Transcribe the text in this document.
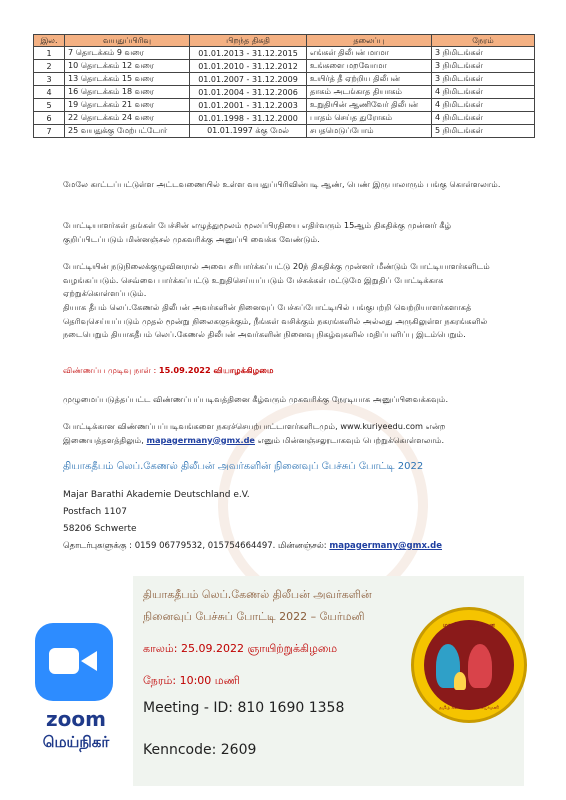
இல.	வயதுப்பிரிவு	பிறந்த திகதி	தலைப்பு	நேரம்
1	7 தொடக்கம் 9 வரை	01.01.2013 - 31.12.2015	எங்கள் திலீபன் மாமா	3 நிமிடங்கள்
2	10 தொடக்கம் 12 வரை	01.01.2010 - 31.12.2012	உங்களை மறவோமா	3 நிமிடங்கள்
3	13 தொடக்கம் 15 வரை	01.01.2007 - 31.12.2009	உயிர்த் தீ ஏற்றிய திலீபன்	3 நிமிடங்கள்
4	16 தொடக்கம் 18 வரை	01.01.2004 - 31.12.2006	தாகம் அடங்காத தியாகம்	4 நிமிடங்கள்
5	19 தொடக்கம் 21 வரை	01.01.2001 - 31.12.2003	உறுதியின் ஆணிவேர் திலீபன்	4 நிமிடங்கள்
6	22 தொடக்கம் 24 வரை	01.01.1998 - 31.12.2000	பாதம் செய்த துரோகம்	4 நிமிடங்கள்
7	25 வயதுக்கு மேற்பட்டோர்	01.01.1997 க்கு மேல்	சபதமெடுப்போம்	5 நிமிடங்கள்

மேலே காட்டப்பட்டுள்ள அட்டவணையில் உள்ள வயதுப்பிரிவின்படி ஆண், பெண் இருபாலாரும் பங்கு கொள்ளலாம்.

போட்டியாளர்கள் தங்கள் பேச்சின் எழுத்துமூலம் மூலப்பிரதியை எதிர்வரும் 15ஆம் திகதிக்கு முன்னர் கீழ் குறிப்பிடப்படும் மின்னஞ்சல் முகவரிக்கு அனுப்பி வைக்க வேண்டும்.

போட்டியின் நடுநிலைக்குழுவினரால் அவை சரிபார்க்கப்பட்டு 20ந் திகதிக்கு முன்னர் மீண்டும் போட்டியாளர்களிடம் வழங்கப்படும். செவ்வை பார்க்கப்பட்டு உறுதிசெய்யப்படும் பேச்சுக்கள் மட்டுமே இறுதிப் போட்டிக்காக ஏற்றுக்கொள்ளப்படும்.

தியாக தீபம் லெப்.கேணல் திலீபன் அவர்களின் நினைவுப் பேச்சுப்போட்டியில் பங்குபற்றி வெற்றியாளர்களாகத் தெரிவுசெய்யப்படும் முதல் மூன்று நிலைகளுக்கும், நீங்கள் வசிக்கும் நகரங்களில் அல்லது அருகிலுள்ள நகரங்களில் நடைபெறும் தியாகதீபம் லெப்.கேணல் திலீபன் அவர்களின் நினைவு நிகழ்வுகளில் மதிப்பளிப்பு இடம்பெறும்.

விண்ணப்ப முடிவு நாள் : 15.09.2022 வியாழக்கிழமை

முழுமைப்படுத்தப்பட்ட விண்ணப்பப்படிவத்தினை கீழ்வரும் முகவரிக்கு நேரடியாக அனுப்பிவைக்கவும்.

போட்டிக்கான விண்ணப்பப்படிவங்களை நகரச்செயற்பாட்டாளர்களிடமும், www.kuriyeedu.com என்ற இணையத்தளத்திலும், mapagermany@gmx.de எனும் மின்னஞ்சலூடாகவும் பெற்றுக்கொள்ளலாம்.

தியாகதீபம் லெப்.கேணல் திலீபன் அவர்களின் நினைவுப் பேச்சுப் போட்டி 2022

Majar Barathi Akademie Deutschland e.V.

Postfach 1107

58206 Schwerte

தொடர்புகளுக்கு : 0159 06779532, 015754664497. மின்னஞ்சல்: mapagermany@gmx.de

zoom

மெய்நிகர்

தியாகதீபம் லெப்.கேணல் திலீபன் அவர்களின் நினைவுப் பேச்சுப் போட்டி 2022 – யேர்மனி

காலம்: 25.09.2022 ஞாயிற்றுக்கிழமை

நேரம்: 10:00 மணி

Meeting - ID: 810 1690 1358

Kenncode: 2609

மாவீரர் பணிமனை

தமிழ் கல்விக்கழகம் யேர்மனி
